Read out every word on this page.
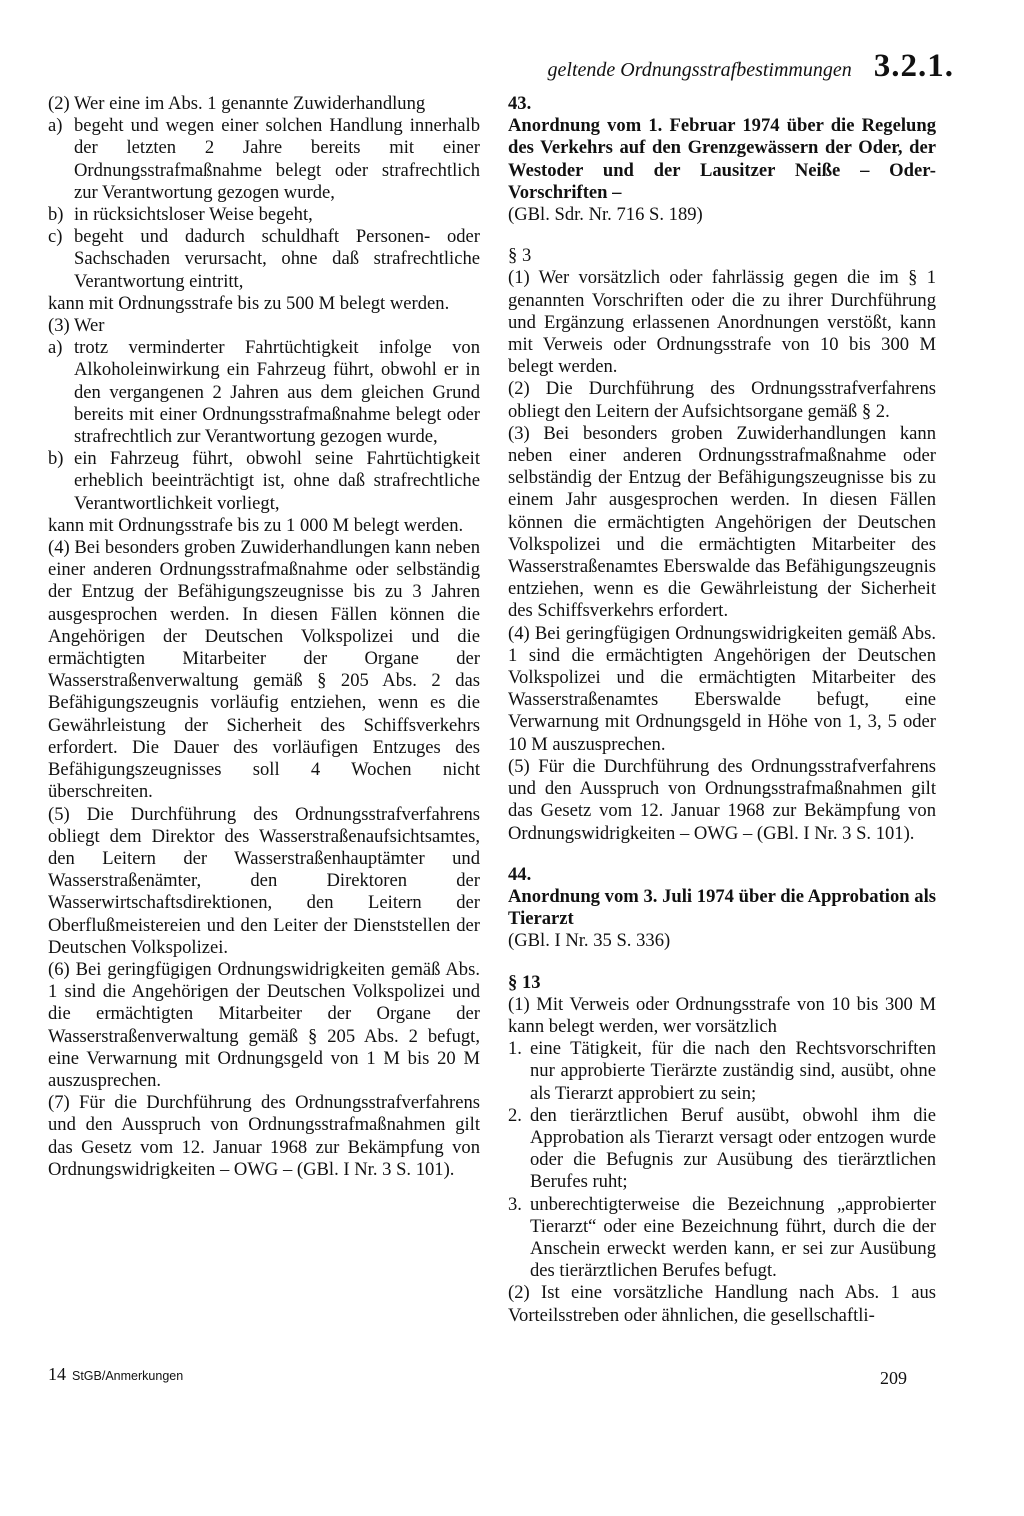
geltende Ordnungsstrafbestimmungen 3.2.1.

(2) Wer eine im Abs. 1 genannte Zuwiderhandlung

a) begeht und wegen einer solchen Handlung innerhalb der letzten 2 Jahre bereits mit einer Ordnungsstrafmaßnahme belegt oder strafrechtlich zur Verantwortung gezogen wurde,
b) in rücksichtsloser Weise begeht,
c) begeht und dadurch schuldhaft Personen- oder Sachschaden verursacht, ohne daß strafrechtliche Verantwortung eintritt,

kann mit Ordnungsstrafe bis zu 500 M belegt werden.

(3) Wer

a) trotz verminderter Fahrtüchtigkeit infolge von Alkoholeinwirkung ein Fahrzeug führt, obwohl er in den vergangenen 2 Jahren aus dem gleichen Grund bereits mit einer Ordnungsstrafmaßnahme belegt oder strafrechtlich zur Verantwortung gezogen wurde,
b) ein Fahrzeug führt, obwohl seine Fahrtüchtigkeit erheblich beeinträchtigt ist, ohne daß strafrechtliche Verantwortlichkeit vorliegt,

kann mit Ordnungsstrafe bis zu 1 000 M belegt werden.

(4) Bei besonders groben Zuwiderhandlungen kann neben einer anderen Ordnungsstrafmaßnahme oder selbständig der Entzug der Befähigungszeugnisse bis zu 3 Jahren ausgesprochen werden. In diesen Fällen können die Angehörigen der Deutschen Volkspolizei und die ermächtigten Mitarbeiter der Organe der Wasserstraßenverwaltung gemäß § 205 Abs. 2 das Befähigungszeugnis vorläufig entziehen, wenn es die Gewährleistung der Sicherheit des Schiffsverkehrs erfordert. Die Dauer des vorläufigen Entzuges des Befähigungszeugnisses soll 4 Wochen nicht überschreiten.

(5) Die Durchführung des Ordnungsstrafverfahrens obliegt dem Direktor des Wasserstraßenaufsichtsamtes, den Leitern der Wasserstraßenhauptämter und Wasserstraßenämter, den Direktoren der Wasserwirtschaftsdirektionen, den Leitern der Oberflußmeistereien und den Leiter der Dienststellen der Deutschen Volkspolizei.

(6) Bei geringfügigen Ordnungswidrigkeiten gemäß Abs. 1 sind die Angehörigen der Deutschen Volkspolizei und die ermächtigten Mitarbeiter der Organe der Wasserstraßenverwaltung gemäß § 205 Abs. 2 befugt, eine Verwarnung mit Ordnungsgeld von 1 M bis 20 M auszusprechen.

(7) Für die Durchführung des Ordnungsstrafverfahrens und den Ausspruch von Ordnungsstrafmaßnahmen gilt das Gesetz vom 12. Januar 1968 zur Bekämpfung von Ordnungswidrigkeiten – OWG – (GBl. I Nr. 3 S. 101).

43.

Anordnung vom 1. Februar 1974 über die Regelung des Verkehrs auf den Grenzgewässern der Oder, der Westoder und der Lausitzer Neiße – Oder-Vorschriften –

(GBl. Sdr. Nr. 716 S. 189)

§ 3

(1) Wer vorsätzlich oder fahrlässig gegen die im § 1 genannten Vorschriften oder die zu ihrer Durchführung und Ergänzung erlassenen Anordnungen verstößt, kann mit Verweis oder Ordnungsstrafe von 10 bis 300 M belegt werden.

(2) Die Durchführung des Ordnungsstrafverfahrens obliegt den Leitern der Aufsichtsorgane gemäß § 2.

(3) Bei besonders groben Zuwiderhandlungen kann neben einer anderen Ordnungsstrafmaßnahme oder selbständig der Entzug der Befähigungszeugnisse bis zu einem Jahr ausgesprochen werden. In diesen Fällen können die ermächtigten Angehörigen der Deutschen Volkspolizei und die ermächtigten Mitarbeiter des Wasserstraßenamtes Eberswalde das Befähigungszeugnis entziehen, wenn es die Gewährleistung der Sicherheit des Schiffsverkehrs erfordert.

(4) Bei geringfügigen Ordnungswidrigkeiten gemäß Abs. 1 sind die ermächtigten Angehörigen der Deutschen Volkspolizei und die ermächtigten Mitarbeiter des Wasserstraßenamtes Eberswalde befugt, eine Verwarnung mit Ordnungsgeld in Höhe von 1, 3, 5 oder 10 M auszusprechen.

(5) Für die Durchführung des Ordnungsstrafverfahrens und den Ausspruch von Ordnungsstrafmaßnahmen gilt das Gesetz vom 12. Januar 1968 zur Bekämpfung von Ordnungswidrigkeiten – OWG – (GBl. I Nr. 3 S. 101).

44.

Anordnung vom 3. Juli 1974 über die Approbation als Tierarzt

(GBl. I Nr. 35 S. 336)

§ 13

(1) Mit Verweis oder Ordnungsstrafe von 10 bis 300 M kann belegt werden, wer vorsätzlich

1. eine Tätigkeit, für die nach den Rechtsvorschriften nur approbierte Tierärzte zuständig sind, ausübt, ohne als Tierarzt approbiert zu sein;
2. den tierärztlichen Beruf ausübt, obwohl ihm die Approbation als Tierarzt versagt oder entzogen wurde oder die Befugnis zur Ausübung des tierärztlichen Berufes ruht;
3. unberechtigterweise die Bezeichnung „approbierter Tierarzt“ oder eine Bezeichnung führt, durch die der Anschein erweckt werden kann, er sei zur Ausübung des tierärztlichen Berufes befugt.

(2) Ist eine vorsätzliche Handlung nach Abs. 1 aus Vorteilsstreben oder ähnlichen, die gesellschaftli-

14 StGB/Anmerkungen	209
